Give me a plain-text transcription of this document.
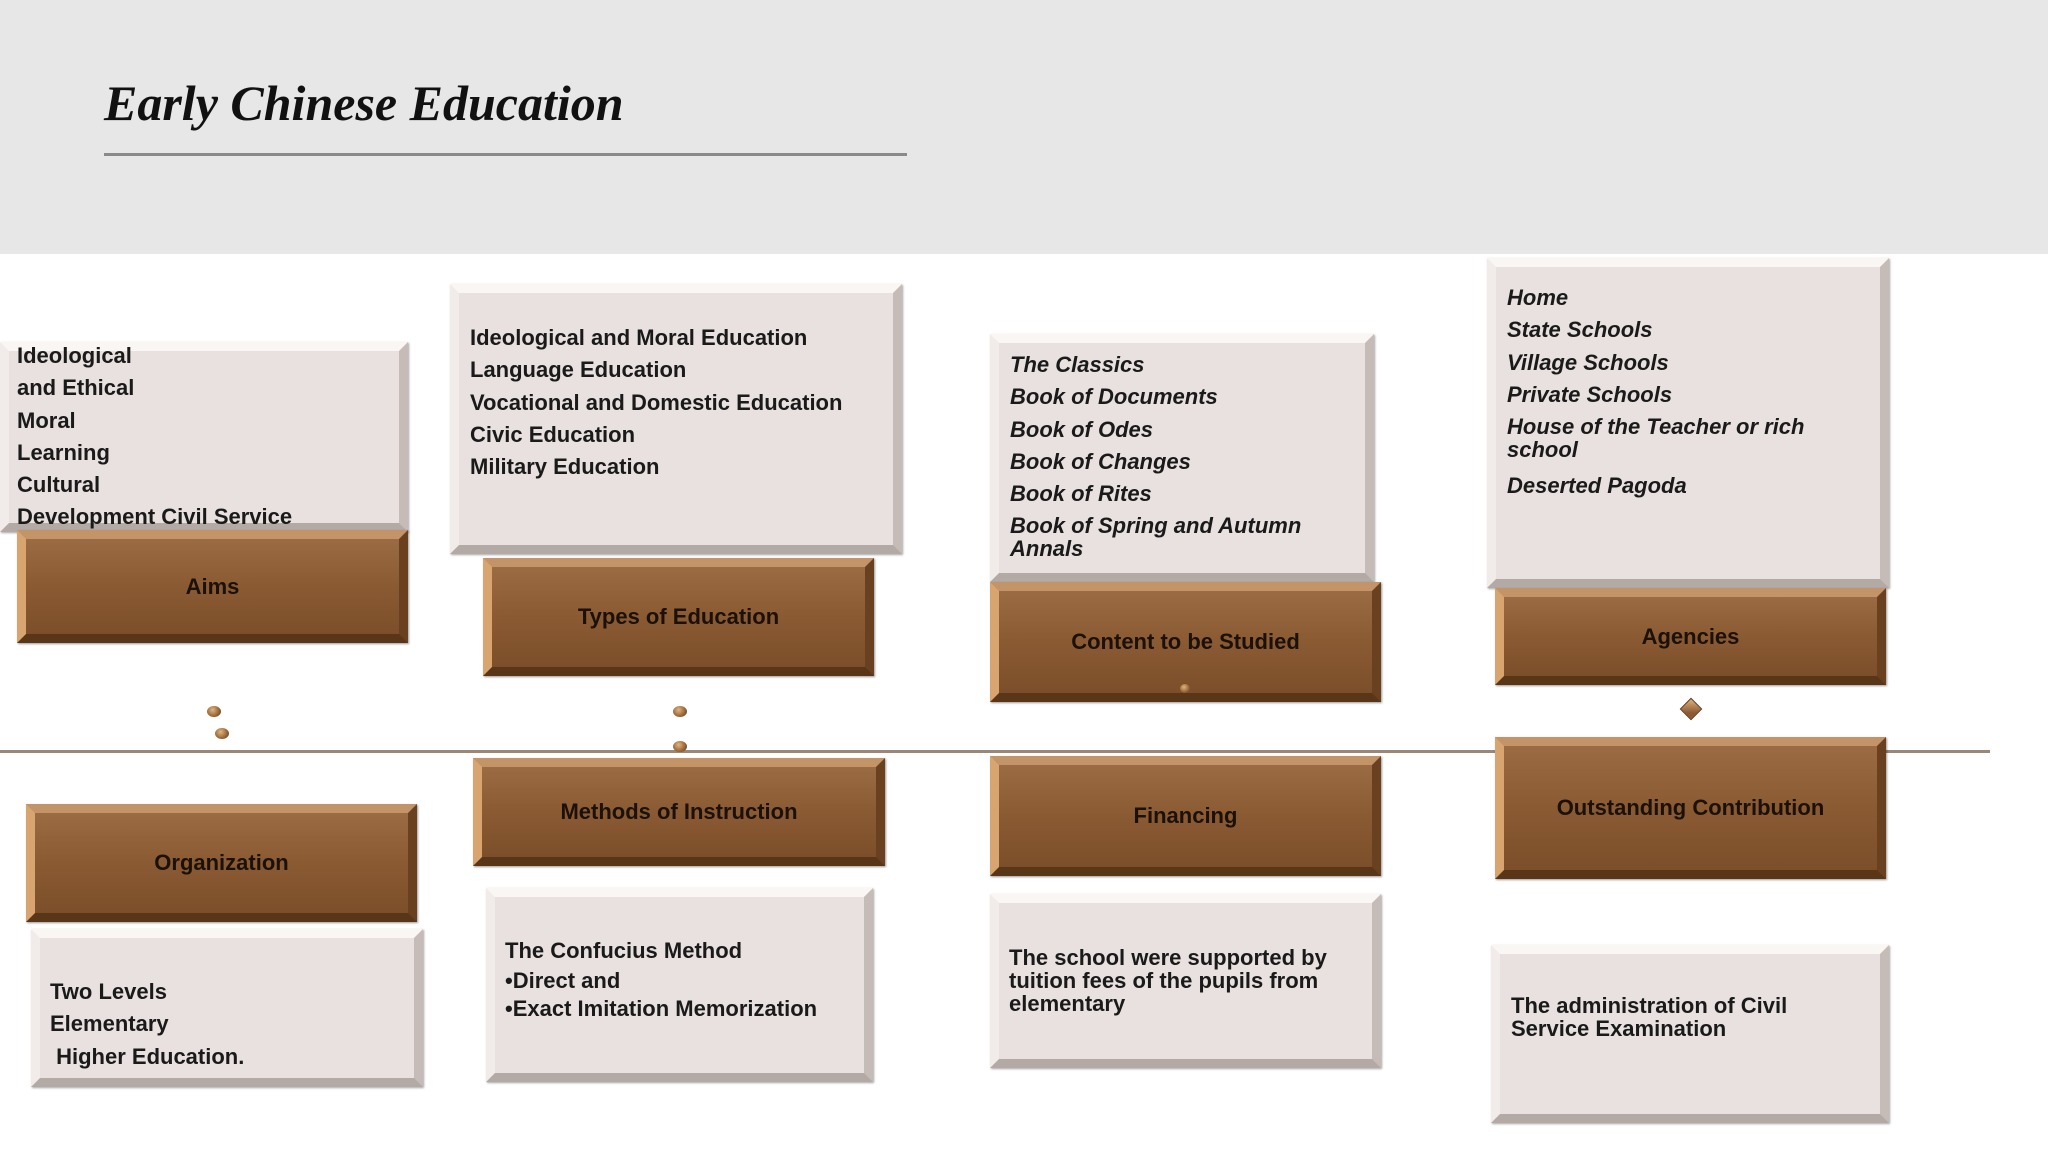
Early Chinese Education
Ideological
and Ethical
Moral
Learning
Cultural
Development Civil Service
Aims
Ideological and Moral Education
Language Education
Vocational and Domestic Education
Civic Education
Military Education
Types of Education
The Classics
Book of Documents
Book of Odes
Book of Changes
Book of Rites
Book of Spring and Autumn Annals
Content to be Studied
Home
State Schools
Village Schools
Private Schools
House of the Teacher or rich school
Deserted Pagoda
Agencies
Organization
Two Levels
Elementary
Higher Education.
Methods of Instruction
The Confucius Method
•Direct and
•Exact Imitation Memorization
Financing

The school were supported by tuition fees of the pupils from elementary

Outstanding Contribution

The administration of Civil Service Examination
